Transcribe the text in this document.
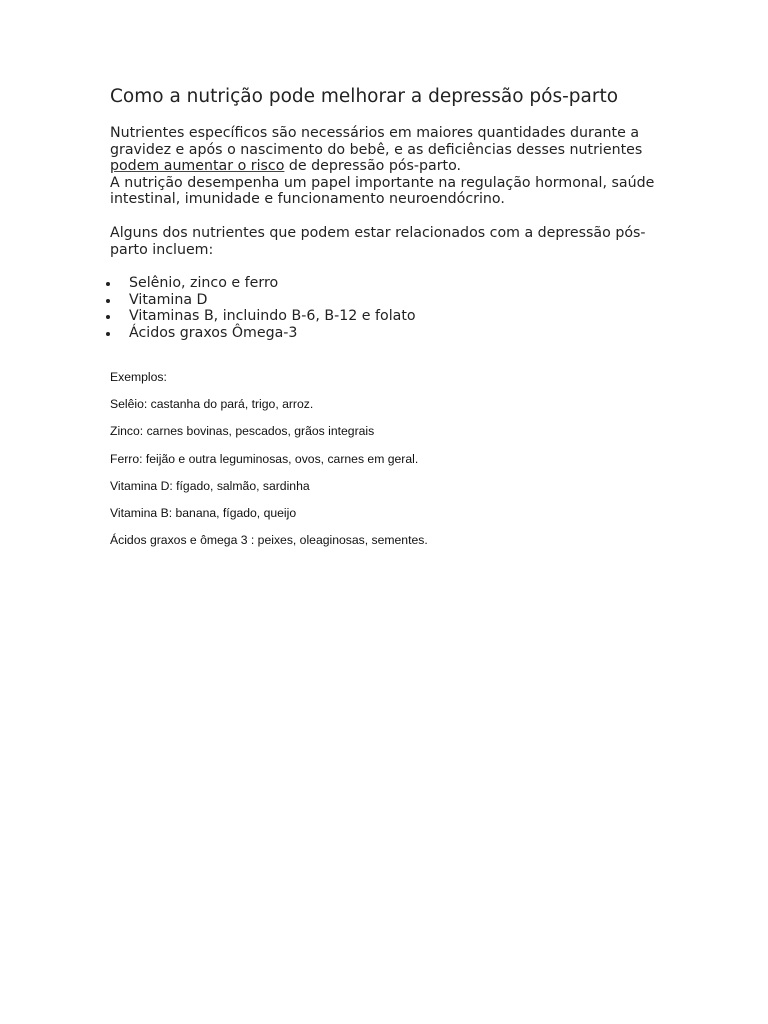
Como a nutrição pode melhorar a depressão pós-parto

Nutrientes específicos são necessários em maiores quantidades durante a gravidez e após o nascimento do bebê, e as deficiências desses nutrientes podem aumentar o risco de depressão pós-parto.
A nutrição desempenha um papel importante na regulação hormonal, saúde intestinal, imunidade e funcionamento neuroendócrino.

Alguns dos nutrientes que podem estar relacionados com a depressão pós-parto incluem:

Selênio, zinco e ferro
Vitamina D
Vitaminas B, incluindo B-6, B-12 e folato
Ácidos graxos Ômega-3

Exemplos:

Selêio: castanha do pará, trigo, arroz.

Zinco: carnes bovinas, pescados, grãos integrais

Ferro: feijão e outra leguminosas, ovos, carnes em geral.

Vitamina D: fígado, salmão, sardinha

Vitamina B: banana, fígado, queijo

Ácidos graxos e ômega 3 : peixes, oleaginosas, sementes.
